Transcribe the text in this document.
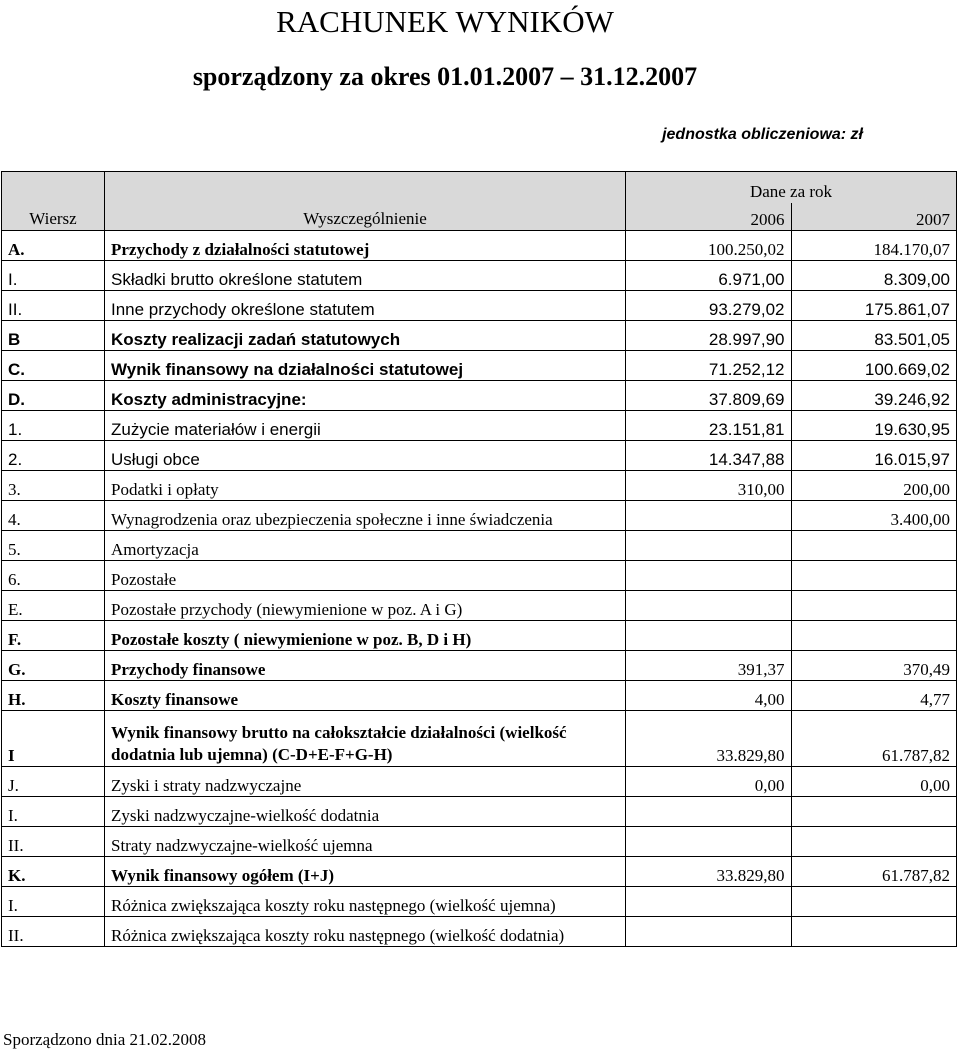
RACHUNEK WYNIKÓW
sporządzony za okres 01.01.2007 – 31.12.2007
jednostka obliczeniowa: zł
Wiersz	Wyszczególnienie	Dane za rok	
		2006	2007
A.	Przychody z działalności statutowej	100.250,02	184.170,07
I.	Składki brutto określone statutem	6.971,00	8.309,00
II.	Inne przychody określone statutem	93.279,02	175.861,07
B	Koszty realizacji zadań statutowych	28.997,90	83.501,05
C.	Wynik finansowy na działalności statutowej	71.252,12	100.669,02
D.	Koszty administracyjne:	37.809,69	39.246,92
1.	Zużycie materiałów i energii	23.151,81	19.630,95
2.	Usługi obce	14.347,88	16.015,97
3.	Podatki i opłaty	310,00	200,00
4.	Wynagrodzenia oraz ubezpieczenia społeczne i inne świadczenia		3.400,00
5.	Amortyzacja		
6.	Pozostałe		
E.	Pozostałe przychody (niewymienione w poz. A i G)		
F.	Pozostałe koszty ( niewymienione w poz. B, D i H)		
G.	Przychody finansowe	391,37	370,49
H.	Koszty finansowe	4,00	4,77
I	Wynik finansowy brutto na całokształcie działalności (wielkość dodatnia lub ujemna) (C-D+E-F+G-H)	33.829,80	61.787,82
J.	Zyski i straty nadzwyczajne	0,00	0,00
I.	Zyski nadzwyczajne-wielkość dodatnia		
II.	Straty nadzwyczajne-wielkość ujemna		
K.	Wynik finansowy ogółem (I+J)	33.829,80	61.787,82
I.	Różnica zwiększająca koszty roku następnego (wielkość ujemna)		
II.	Różnica zwiększająca koszty roku następnego (wielkość dodatnia)		
Sporządzono dnia 21.02.2008
